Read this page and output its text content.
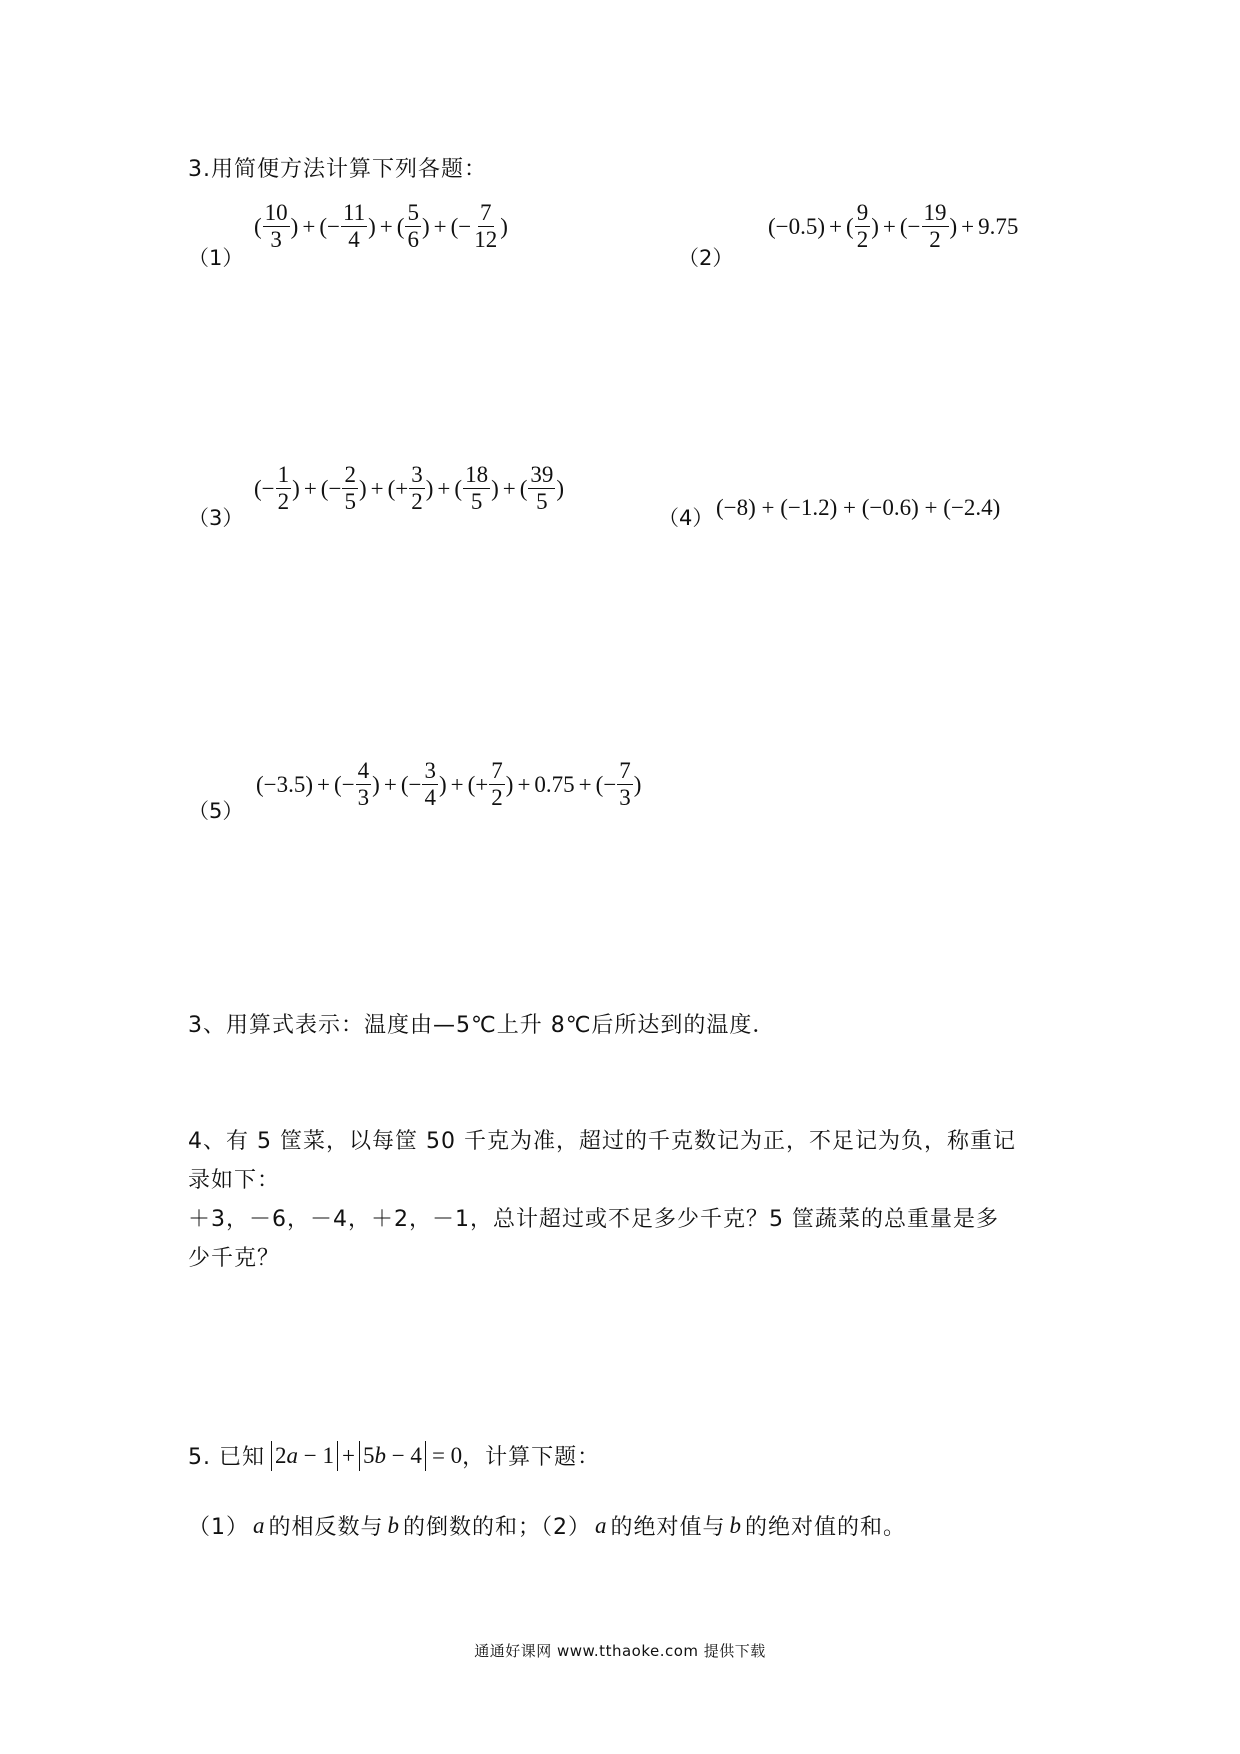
3.用简便方法计算下列各题：
（1）
( $\frac{10}{3}$ ) + (− $\frac{11}{4}$ ) + ( $\frac{5}{6}$ ) + (− $\frac{7}{12}$ )
（2）
(−0.5) + ( $\frac{9}{2}$ ) + (− $\frac{19}{2}$ ) + 9.75
（3）
(− $\frac{1}{2}$ ) + (− $\frac{2}{5}$ ) + (+ $\frac{3}{2}$ ) + ( $\frac{18}{5}$ ) + ( $\frac{39}{5}$ )
（4） (−8) + (−1.2) + (−0.6) + (−2.4)
（5）
(−3.5) + (− $\frac{4}{3}$ ) + (− $\frac{3}{4}$ ) + (+ $\frac{7}{2}$ ) + 0.75 + (− $\frac{7}{3}$ )
3、用算式表示：温度由—5℃上升 8℃后所达到的温度．
4、有 5 筐菜，以每筐 50 千克为准，超过的千克数记为正，不足记为负，称重记
录如下：
＋3，－6，－4，＋2，－1，总计超过或不足多少千克？5 筐蔬菜的总重量是多
少千克？
5. 已知 2a − 1 + 5b − 4 = 0 ，计算下题：
（1） a 的相反数与 b 的倒数的和；（2） a 的绝对值与 b 的绝对值的和。
通通好课网 www.tthaoke.com 提供下载
